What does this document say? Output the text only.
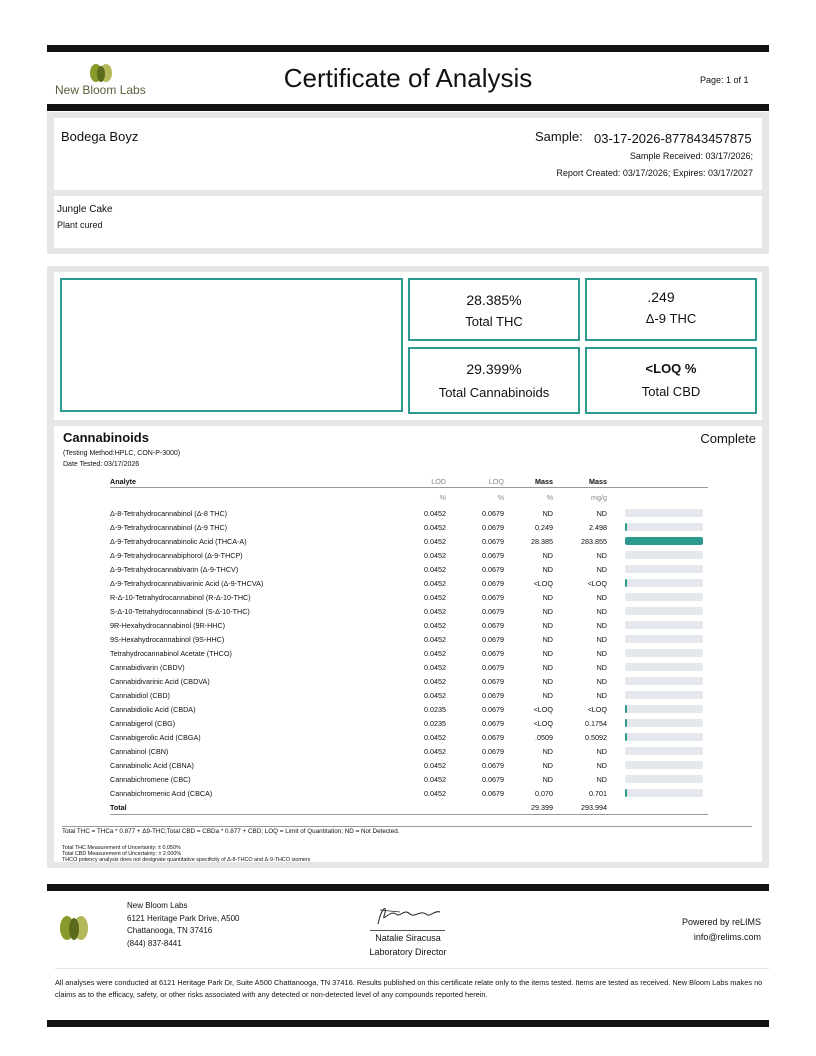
New Bloom Labs	Certificate of Analysis	Page: 1 of 1
Bodega Boyz	Sample: 03-17-2026-877843457875
Sample Received: 03/17/2026;
Report Created: 03/17/2026; Expires: 03/17/2027
Jungle Cake
Plant cured
28.385%
Total THC
.249
Δ-9 THC
29.399%
Total Cannabinoids
<LOQ %
Total CBD
Cannabinoids	Complete
(Testing Method:HPLC, CON-P-3000)
Date Tested: 03/17/2026
Analyte	LOD	LOQ	Mass	Mass	
	%	%	%	mg/g	
Δ-8-Tetrahydrocannabinol (Δ-8 THC)	0.0452	0.0679	ND	ND	

Δ-9-Tetrahydrocannabinol (Δ-9 THC)	0.0452	0.0679	0.249	2.498	

Δ-9-Tetrahydrocannabinolic Acid (THCA-A)	0.0452	0.0679	28.385	283.855	

Δ-9-Tetrahydrocannabiphorol (Δ-9-THCP)	0.0452	0.0679	ND	ND	

Δ-9-Tetrahydrocannabivarin (Δ-9-THCV)	0.0452	0.0679	ND	ND	

Δ-9-Tetrahydrocannabivarinic Acid (Δ-9-THCVA)	0.0452	0.0679	<LOQ	<LOQ	

R-Δ-10-Tetrahydrocannabinol (R-Δ-10-THC)	0.0452	0.0679	ND	ND	

S-Δ-10-Tetrahydrocannabinol (S-Δ-10-THC)	0.0452	0.0679	ND	ND	

9R-Hexahydrocannabinol (9R-HHC)	0.0452	0.0679	ND	ND	

9S-Hexahydrocannabinol (9S-HHC)	0.0452	0.0679	ND	ND	

Tetrahydrocannabinol Acetate (THCO)	0.0452	0.0679	ND	ND	

Cannabidivarin (CBDV)	0.0452	0.0679	ND	ND	

Cannabidivarinic Acid (CBDVA)	0.0452	0.0679	ND	ND	

Cannabidiol (CBD)	0.0452	0.0679	ND	ND	

Cannabidiolic Acid (CBDA)	0.0235	0.0679	<LOQ	<LOQ	

Cannabigerol (CBG)	0.0235	0.0679	<LOQ	0.1754	

Cannabigerolic Acid (CBGA)	0.0452	0.0679	.0509	0.5092	

Cannabinol (CBN)	0.0452	0.0679	ND	ND	

Cannabinolic Acid (CBNA)	0.0452	0.0679	ND	ND	

Cannabichromene (CBC)	0.0452	0.0679	ND	ND	

Cannabichromenic Acid (CBCA)	0.0452	0.0679	0.070	0.701	

Total			29.399	293.994	
Total THC = THCa * 0.877 + Δ9-THC;Total CBD = CBDa * 0.877 + CBD; LOQ = Limit of Quantitation; ND = Not Detected.
Total THC Measurement of Uncertainty: ± 0.050%
Total CBD Measurement of Uncertainty: ± 2.000%
THCO potency analysis does not designate quantitative specificity of Δ-8-THCO and Δ-9-THCO isomers
New Bloom Labs
6121 Heritage Park Drive, A500
Chattanooga, TN 37416
(844) 837-8441	Natalie Siracusa
Laboratory Director
Powered by reLIMS
info@relims.com
All analyses were conducted at 6121 Heritage Park Dr, Suite A500 Chattanooga, TN 37416. Results published on this certificate relate only to the items tested. Items are tested as received. New Bloom Labs makes no claims as to the efficacy, safety, or other risks associated with any detected or non-detected level of any compounds reported herein.
